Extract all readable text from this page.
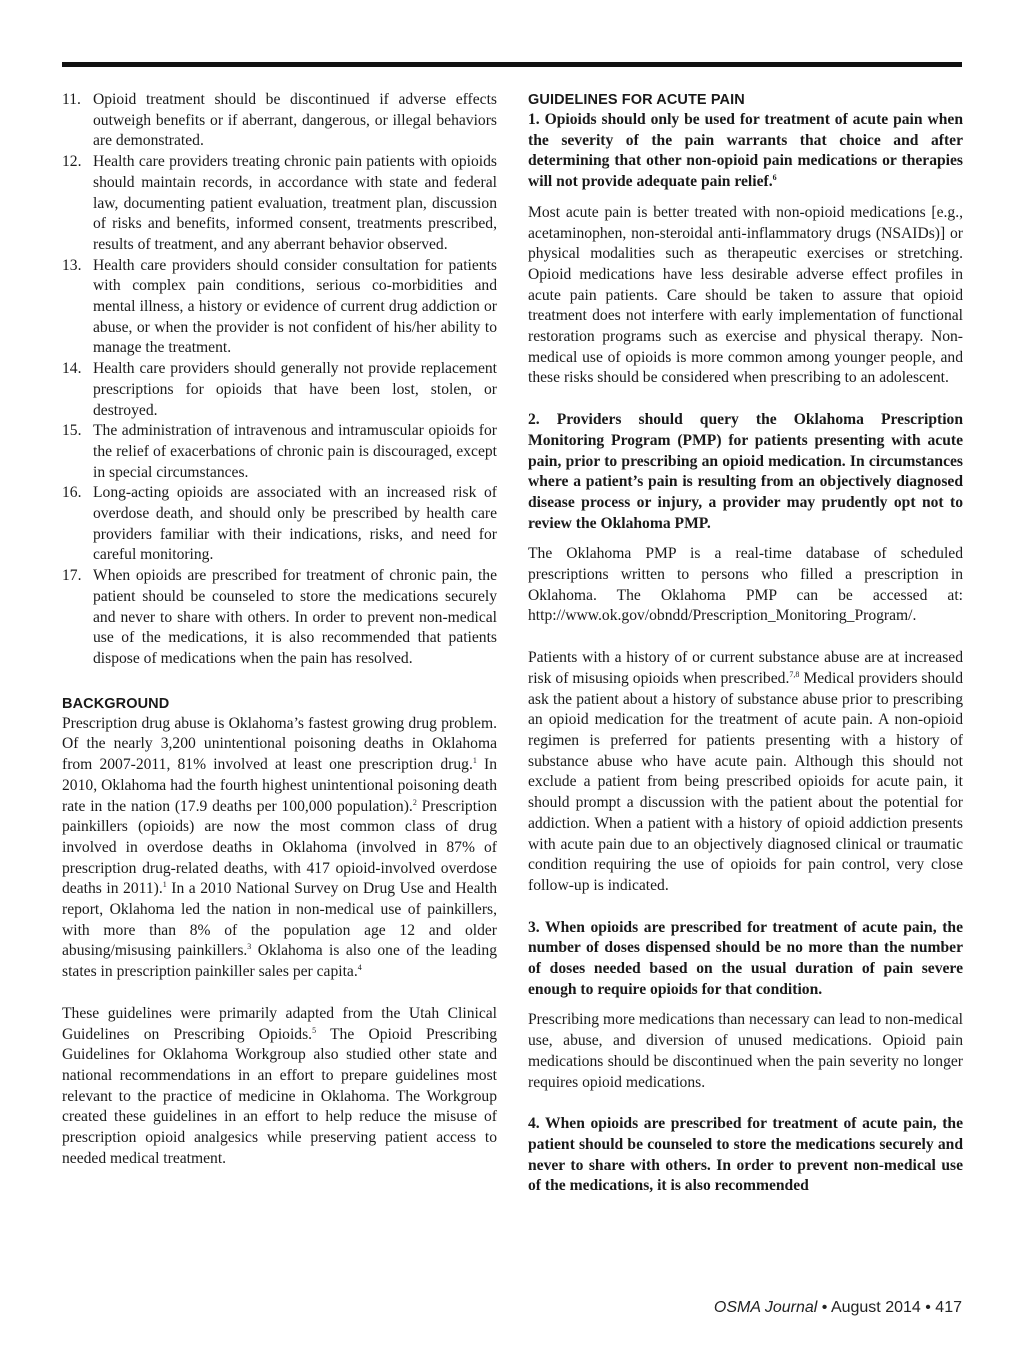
11. Opioid treatment should be discontinued if adverse effects outweigh benefits or if aberrant, dangerous, or illegal behaviors are demonstrated.
12. Health care providers treating chronic pain patients with opioids should maintain records, in accordance with state and federal law, documenting patient evaluation, treatment plan, discussion of risks and benefits, informed consent, treatments prescribed, results of treatment, and any aberrant behavior observed.
13. Health care providers should consider consultation for patients with complex pain conditions, serious co-morbidities and mental illness, a history or evidence of current drug addiction or abuse, or when the provider is not confident of his/her ability to manage the treatment.
14. Health care providers should generally not provide replacement prescriptions for opioids that have been lost, stolen, or destroyed.
15. The administration of intravenous and intramuscular opioids for the relief of exacerbations of chronic pain is discouraged, except in special circumstances.
16. Long-acting opioids are associated with an increased risk of overdose death, and should only be prescribed by health care providers familiar with their indications, risks, and need for careful monitoring.
17. When opioids are prescribed for treatment of chronic pain, the patient should be counseled to store the medications securely and never to share with others. In order to prevent non-medical use of the medications, it is also recommended that patients dispose of medications when the pain has resolved.
BACKGROUND

Prescription drug abuse is Oklahoma’s fastest growing drug problem. Of the nearly 3,200 unintentional poisoning deaths in Oklahoma from 2007-2011, 81% involved at least one prescription drug.$^1$ In 2010, Oklahoma had the fourth highest unintentional poisoning death rate in the nation (17.9 deaths per 100,000 population).$^2$ Prescription painkillers (opioids) are now the most common class of drug involved in overdose deaths in Oklahoma (involved in 87% of prescription drug-related deaths, with 417 opioid-involved overdose deaths in 2011).$^1$ In a 2010 National Survey on Drug Use and Health report, Oklahoma led the nation in non-medical use of painkillers, with more than 8% of the population age 12 and older abusing/misusing painkillers.$^3$ Oklahoma is also one of the leading states in prescription painkiller sales per capita.$^4$

These guidelines were primarily adapted from the Utah Clinical Guidelines on Prescribing Opioids.$^5$ The Opioid Prescribing Guidelines for Oklahoma Workgroup also studied other state and national recommendations in an effort to prepare guidelines most relevant to the practice of medicine in Oklahoma. The Workgroup created these guidelines in an effort to help reduce the misuse of prescription opioid analgesics while preserving patient access to needed medical treatment.

GUIDELINES FOR ACUTE PAIN

1. Opioids should only be used for treatment of acute pain when the severity of the pain warrants that choice and after determining that other non-opioid pain medications or therapies will not provide adequate pain relief.$^6$

Most acute pain is better treated with non-opioid medications [e.g., acetaminophen, non-steroidal anti-inflammatory drugs (NSAIDs)] or physical modalities such as therapeutic exercises or stretching. Opioid medications have less desirable adverse effect profiles in acute pain patients. Care should be taken to assure that opioid treatment does not interfere with early implementation of functional restoration programs such as exercise and physical therapy. Non-medical use of opioids is more common among younger people, and these risks should be considered when prescribing to an adolescent.

2. Providers should query the Oklahoma Prescription Monitoring Program (PMP) for patients presenting with acute pain, prior to prescribing an opioid medication. In circumstances where a patient’s pain is resulting from an objectively diagnosed disease process or injury, a provider may prudently opt not to review the Oklahoma PMP.

The Oklahoma PMP is a real-time database of scheduled prescriptions written to persons who filled a prescription in Oklahoma. The Oklahoma PMP can be accessed at: http://www.ok.gov/obndd/Prescription_Monitoring_Program/.

Patients with a history of or current substance abuse are at increased risk of misusing opioids when prescribed.$^{7,8}$ Medical providers should ask the patient about a history of substance abuse prior to prescribing an opioid medication for the treatment of acute pain. A non-opioid regimen is preferred for patients presenting with a history of substance abuse who have acute pain. Although this should not exclude a patient from being prescribed opioids for acute pain, it should prompt a discussion with the patient about the potential for addiction. When a patient with a history of opioid addiction presents with acute pain due to an objectively diagnosed clinical or traumatic condition requiring the use of opioids for pain control, very close follow-up is indicated.

3. When opioids are prescribed for treatment of acute pain, the number of doses dispensed should be no more than the number of doses needed based on the usual duration of pain severe enough to require opioids for that condition.

Prescribing more medications than necessary can lead to non-medical use, abuse, and diversion of unused medications. Opioid pain medications should be discontinued when the pain severity no longer requires opioid medications.

4. When opioids are prescribed for treatment of acute pain, the patient should be counseled to store the medications securely and never to share with others. In order to prevent non-medical use of the medications, it is also recommended

OSMA Journal • August 2014 • 417
